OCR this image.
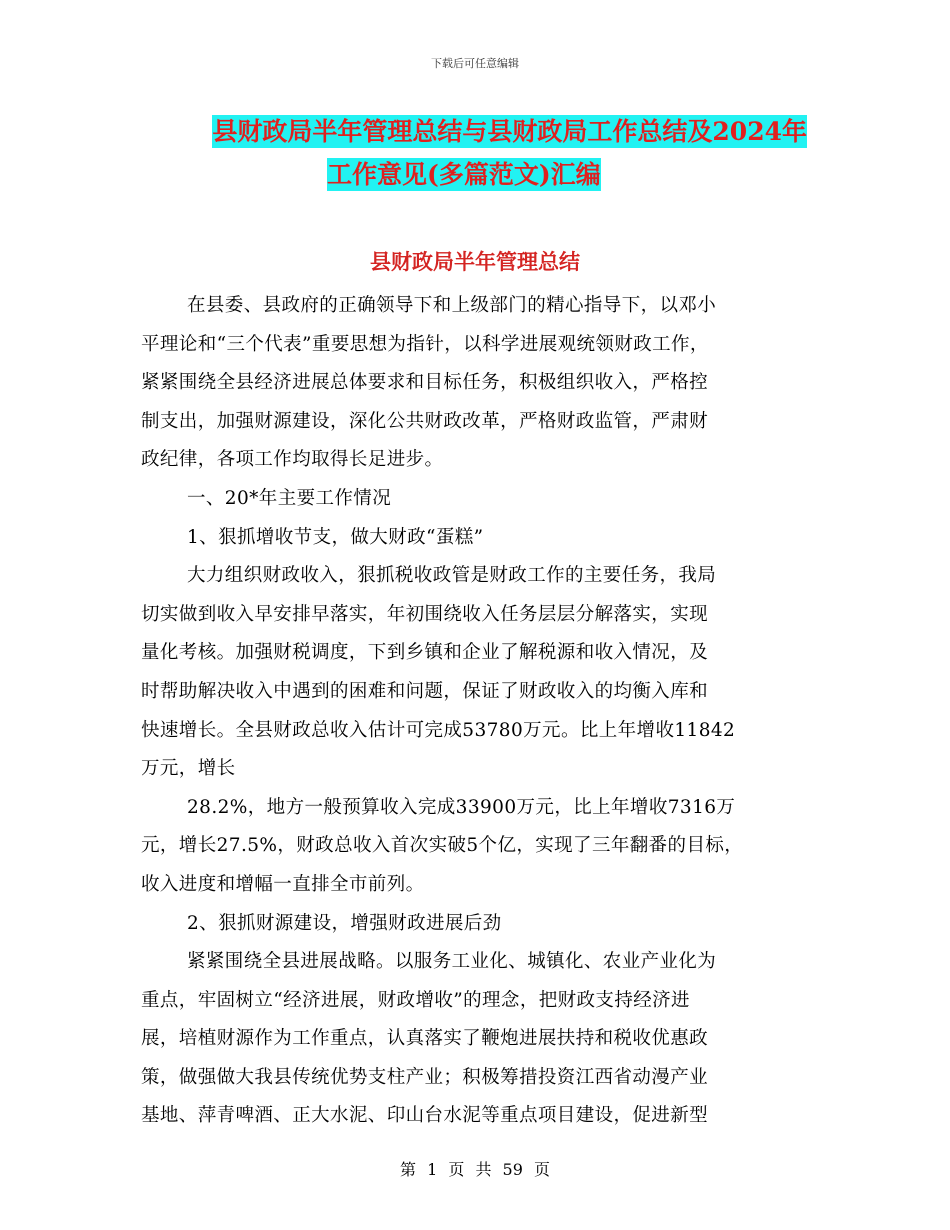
下载后可任意编辑
县财政局半年管理总结与县财政局工作总结及2024年
工作意见(多篇范文)汇编
县财政局半年管理总结

在县委、县政府的正确领导下和上级部门的精心指导下，以邓小
平理论和“三个代表”重要思想为指针，以科学进展观统领财政工作，
紧紧围绕全县经济进展总体要求和目标任务，积极组织收入，严格控
制支出，加强财源建设，深化公共财政改革，严格财政监管，严肃财
政纪律，各项工作均取得长足进步。

一、20*年主要工作情况

1、狠抓增收节支，做大财政“蛋糕”

大力组织财政收入，狠抓税收政管是财政工作的主要任务，我局
切实做到收入早安排早落实，年初围绕收入任务层层分解落实，实现
量化考核。加强财税调度，下到乡镇和企业了解税源和收入情况，及
时帮助解决收入中遇到的困难和问题，保证了财政收入的均衡入库和
快速增长。全县财政总收入估计可完成53780万元。比上年增收11842
万元，增长

28.2%，地方一般预算收入完成33900万元，比上年增收7316万
元，增长27.5%，财政总收入首次实破5个亿，实现了三年翻番的目标，
收入进度和增幅一直排全市前列。

2、狠抓财源建设，增强财政进展后劲

紧紧围绕全县进展战略。以服务工业化、城镇化、农业产业化为
重点，牢固树立“经济进展，财政增收”的理念，把财政支持经济进
展，培植财源作为工作重点，认真落实了鞭炮进展扶持和税收优惠政
策，做强做大我县传统优势支柱产业；积极筹措投资江西省动漫产业
基地、萍青啤酒、正大水泥、印山台水泥等重点项目建设，促进新型

第 1 页 共 59 页
